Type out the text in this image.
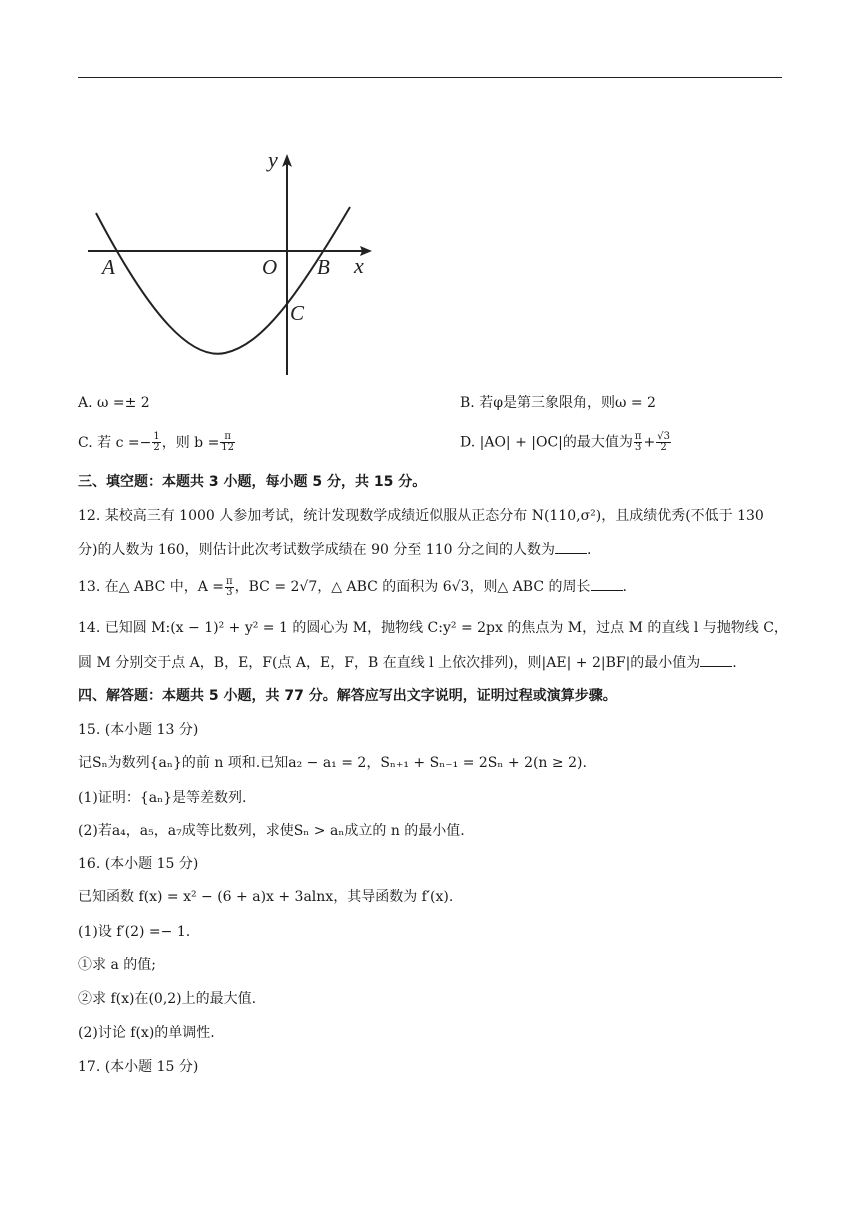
y
x
A	O B
C
A. ω =± 2	B. 若φ是第三象限角，则ω = 2
C. 若 $c =- \frac{1}{2}$ ，则 $b = \frac{\pi}{12}$	D. |AO| + |OC|的最大值为 $\frac{\pi}{3} + \frac{√3}{2}$
三、填空题：本题共 3 小题，每小题 5 分，共 15 分。
12. 某校高三有 1000 人参加考试，统计发现数学成绩近似服从正态分布 N(110,σ²)，且成绩优秀(不低于 130
分)的人数为 160，则估计此次考试数学成绩在 90 分至 110 分之间的人数为 .
13. 在△ ABC 中，$A = \frac{\pi}{3}$ ，BC = 2√7，△ ABC 的面积为 6√3，则△ ABC 的周长 .
14. 已知圆 M:(x − 1)² + y² = 1 的圆心为 M，抛物线 C:y² = 2px 的焦点为 M，过点 M 的直线 l 与抛物线 C，
圆 M 分别交于点 A，B，E，F(点 A，E，F，B 在直线 l 上依次排列)，则|AE| + 2|BF|的最小值为 .
四、解答题：本题共 5 小题，共 77 分。解答应写出文字说明，证明过程或演算步骤。
15. (本小题 13 分)
记Sₙ为数列{aₙ}的前 n 项和.已知a₂ − a₁ = 2，Sₙ₊₁ + Sₙ₋₁ = 2Sₙ + 2(n ≥ 2).
(1)证明：{aₙ}是等差数列.
(2)若a₄，a₅，a₇成等比数列，求使Sₙ > aₙ成立的 n 的最小值.
16. (本小题 15 分)
已知函数 f(x) = x² − (6 + a)x + 3alnx，其导函数为 f′(x).
(1)设 f′(2) =− 1.
①求 a 的值;
②求 f(x)在(0,2)上的最大值.
(2)讨论 f(x)的单调性.
17. (本小题 15 分)
